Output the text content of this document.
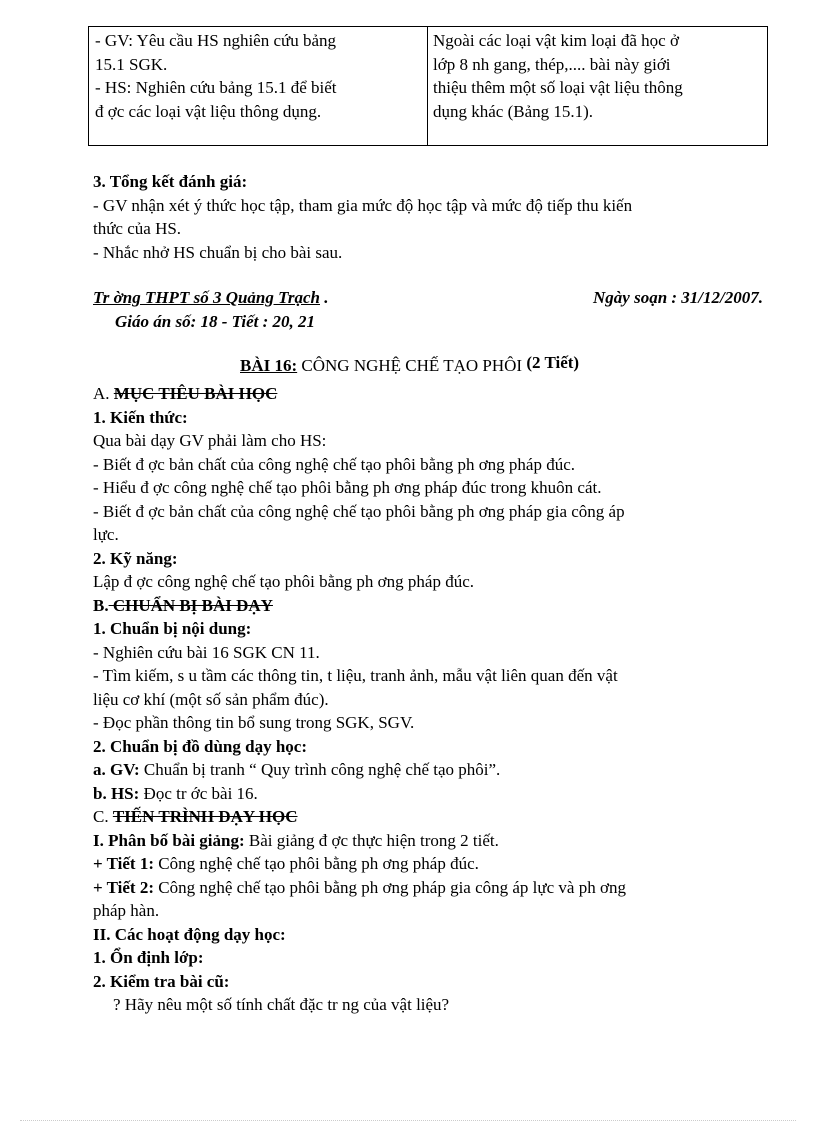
- GV: Yêu cầu HS nghiên cứu bảng
15.1 SGK.
- HS: Nghiên cứu bảng 15.1 để biết
đ ợc các loại vật liệu thông dụng.

Ngoài các loại vật kim loại đã học ở
lớp 8 nh gang, thép,.... bài này giới
thiệu thêm một số loại vật liệu thông
dụng khác (Bảng 15.1).
3. Tổng kết đánh giá:
- GV nhận xét ý thức học tập, tham gia mức độ học tập và mức độ tiếp thu kiến
thức của HS.
- Nhắc nhở HS chuẩn bị cho bài sau.
Tr ờng THPT số 3 Quảng Trạch .	Ngày soạn : 31/12/2007.
Giáo án số: 18 - Tiết : 20, 21
BÀI 16: CÔNG NGHỆ CHẾ TẠO PHÔI (2 Tiết)
A. MỤC TIÊU BÀI HỌC
1. Kiến thức:
Qua bài dạy GV phải làm cho HS:
- Biết đ ợc bản chất của công nghệ chế tạo phôi bằng ph ơng pháp đúc.
- Hiểu đ ợc công nghệ chế tạo phôi bằng ph ơng pháp đúc trong khuôn cát.
- Biết đ ợc bản chất của công nghệ chế tạo phôi bằng ph ơng pháp gia công áp
lực.
2. Kỹ năng:
Lập đ ợc công nghệ chế tạo phôi bằng ph ơng pháp đúc.
B. CHUẨN BỊ BÀI DẠY
1. Chuẩn bị nội dung:
- Nghiên cứu bài 16 SGK CN 11.
- Tìm kiếm, s u tầm các thông tin, t liệu, tranh ảnh, mẫu vật liên quan đến vật
liệu cơ khí (một số sản phẩm đúc).
- Đọc phần thông tin bổ sung trong SGK, SGV.
2. Chuẩn bị đồ dùng dạy học:
a. GV: Chuẩn bị tranh “ Quy trình công nghệ chế tạo phôi”.
b. HS: Đọc tr ớc bài 16.
C. TIẾN TRÌNH DẠY HỌC
I. Phân bố bài giảng: Bài giảng đ ợc thực hiện trong 2 tiết.
+ Tiết 1: Công nghệ chế tạo phôi bằng ph ơng pháp đúc.
+ Tiết 2: Công nghệ chế tạo phôi bằng ph ơng pháp gia công áp lực và ph ơng
pháp hàn.
II. Các hoạt động dạy học:
1. Ổn định lớp:
2. Kiểm tra bài cũ:
? Hãy nêu một số tính chất đặc tr ng của vật liệu?
